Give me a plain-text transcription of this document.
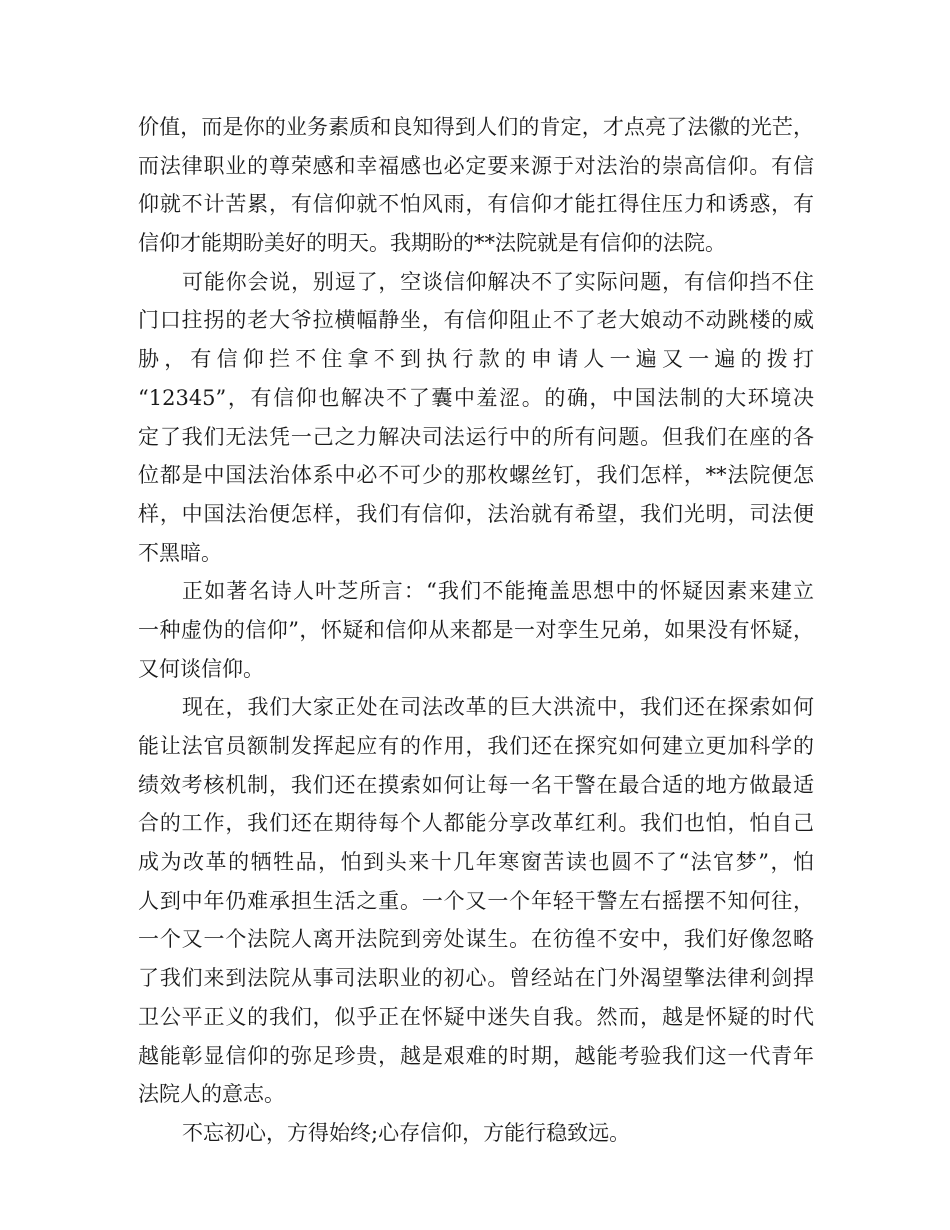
价值，而是你的业务素质和良知得到人们的肯定，才点亮了法徽的光芒，
而法律职业的尊荣感和幸福感也必定要来源于对法治的崇高信仰。有信
仰就不计苦累，有信仰就不怕风雨，有信仰才能扛得住压力和诱惑，有
信仰才能期盼美好的明天。我期盼的**法院就是有信仰的法院。
可能你会说，别逗了，空谈信仰解决不了实际问题，有信仰挡不住
门口拄拐的老大爷拉横幅静坐，有信仰阻止不了老大娘动不动跳楼的威
胁，有信仰拦不住拿不到执行款的申请人一遍又一遍的拨打
“12345”，有信仰也解决不了囊中羞涩。的确，中国法制的大环境决
定了我们无法凭一己之力解决司法运行中的所有问题。但我们在座的各
位都是中国法治体系中必不可少的那枚螺丝钉，我们怎样，**法院便怎
样，中国法治便怎样，我们有信仰，法治就有希望，我们光明，司法便
不黑暗。
正如著名诗人叶芝所言：“我们不能掩盖思想中的怀疑因素来建立
一种虚伪的信仰”，怀疑和信仰从来都是一对孪生兄弟，如果没有怀疑，
又何谈信仰。
现在，我们大家正处在司法改革的巨大洪流中，我们还在探索如何
能让法官员额制发挥起应有的作用，我们还在探究如何建立更加科学的
绩效考核机制，我们还在摸索如何让每一名干警在最合适的地方做最适
合的工作，我们还在期待每个人都能分享改革红利。我们也怕，怕自己
成为改革的牺牲品，怕到头来十几年寒窗苦读也圆不了“法官梦”，怕
人到中年仍难承担生活之重。一个又一个年轻干警左右摇摆不知何往，
一个又一个法院人离开法院到旁处谋生。在彷徨不安中，我们好像忽略
了我们来到法院从事司法职业的初心。曾经站在门外渴望擎法律利剑捍
卫公平正义的我们，似乎正在怀疑中迷失自我。然而，越是怀疑的时代
越能彰显信仰的弥足珍贵，越是艰难的时期，越能考验我们这一代青年
法院人的意志。
不忘初心，方得始终;心存信仰，方能行稳致远。
